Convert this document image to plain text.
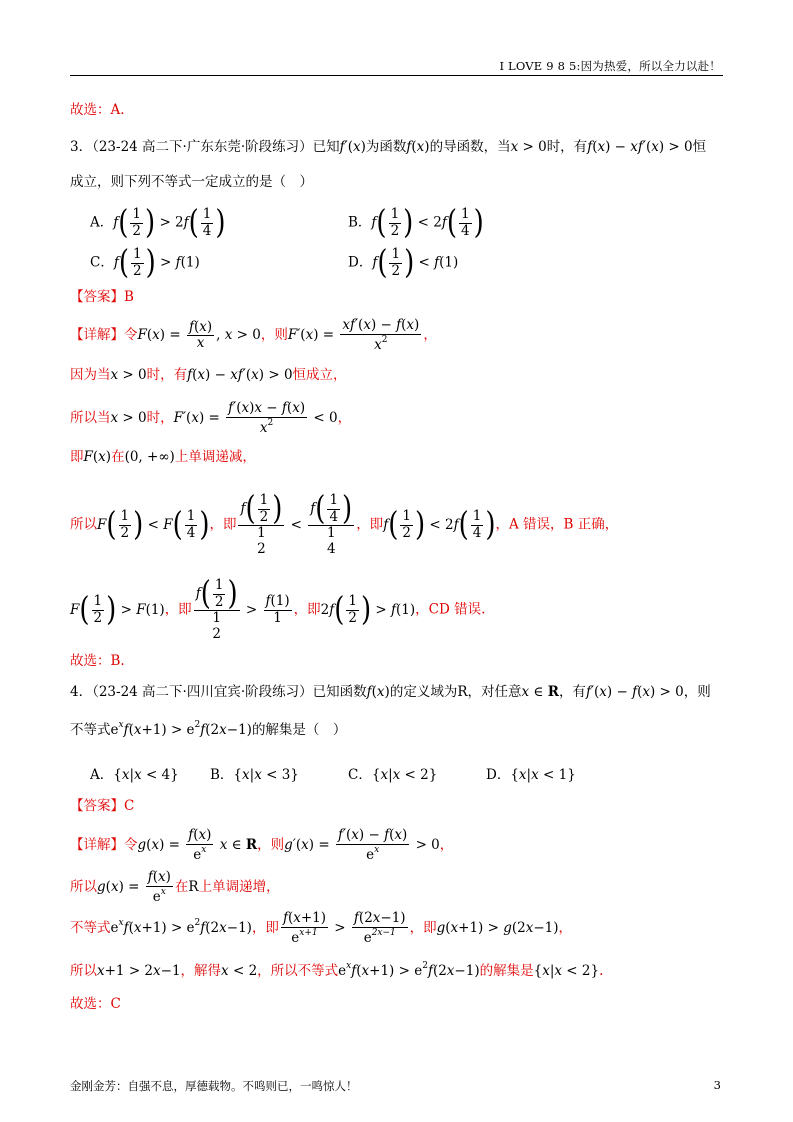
I LOVE 9 8 5:因为热爱，所以全力以赴！
故选：A.
3．（23-24 高二下·广东东莞·阶段练习）已知f′(x)为函数f(x)的导函数，当x > 0时，有f(x) − xf′(x) > 0恒
成立，则下列不等式一定成立的是（　）
A．$f( \frac{1}{2}$ ) > $2f( \frac{1}{4}$ )	B．$f( \frac{1}{2}$ ) < $2f( \frac{1}{4}$ )
C．$f( \frac{1}{2}$ ) > f(1)	D．$f( \frac{1}{2}$ ) < f(1)
【答案】B
【详解】令$F(x) = \frac{f(x)}{x}$ , x > 0，则$F'(x) = \frac{xf'(x) - f(x)}{x^2}$ ，
因为当x > 0时，有f(x) − xf′(x) > 0恒成立，
所以当x > 0时，$F'(x) = \frac{f'(x)x - f(x)}{x^2} < 0$，
即F(x)在(0, +∞)上单调递减，
所以$F( \frac{1}{2}$ ) < $F( \frac{1}{4}$ )，即
$f( \frac{1}{2}$ )
1
2
<
$f( \frac{1}{4}$ )
1
4
，即$f( \frac{1}{2}$ ) < $2f( \frac{1}{4}$ )，A 错误，B 正确，
$F( \frac{1}{2}$ ) > F(1)，即
$f( \frac{1}{2}$ )
1
2
> $\frac{f(1)}{1}$ ，即$2f( \frac{1}{2}$ ) > f(1)，CD 错误.
故选：B.
4．（23-24 高二下·四川宜宾·阶段练习）已知函数f(x)的定义域为R，对任意x ∈ R，有f′(x) − f(x) > 0，则
不等式$e^xf(x+1) > e^2f(2x-1)$的解集是（　）
A．{x|x < 4} B．{x|x < 3}	C．{x|x < 2}	D．{x|x < 1}
【答案】C
【详解】令$g(x) = \frac{f(x)}{e^x}$ x ∈ R，则$g'(x) = \frac{f'(x) - f(x)}{e^x} > 0$，
所以$g(x) = \frac{f(x)}{e^x}$ 在R上单调递增，
不等式$e^xf(x+1) > e^2f(2x-1)$，即 $\frac{f(x+1)}{e^{x+1}} > \frac{f(2x-1)}{e^{2x-1}}$ ，即g(x+1) > g(2x−1)，
所以x+1 > 2x−1，解得x < 2，所以不等式$e^xf(x+1) > e^2f(2x-1)$的解集是{x|x < 2}.
故选：C
金刚金芳：自强不息，厚德载物。不鸣则已，一鸣惊人！	3
